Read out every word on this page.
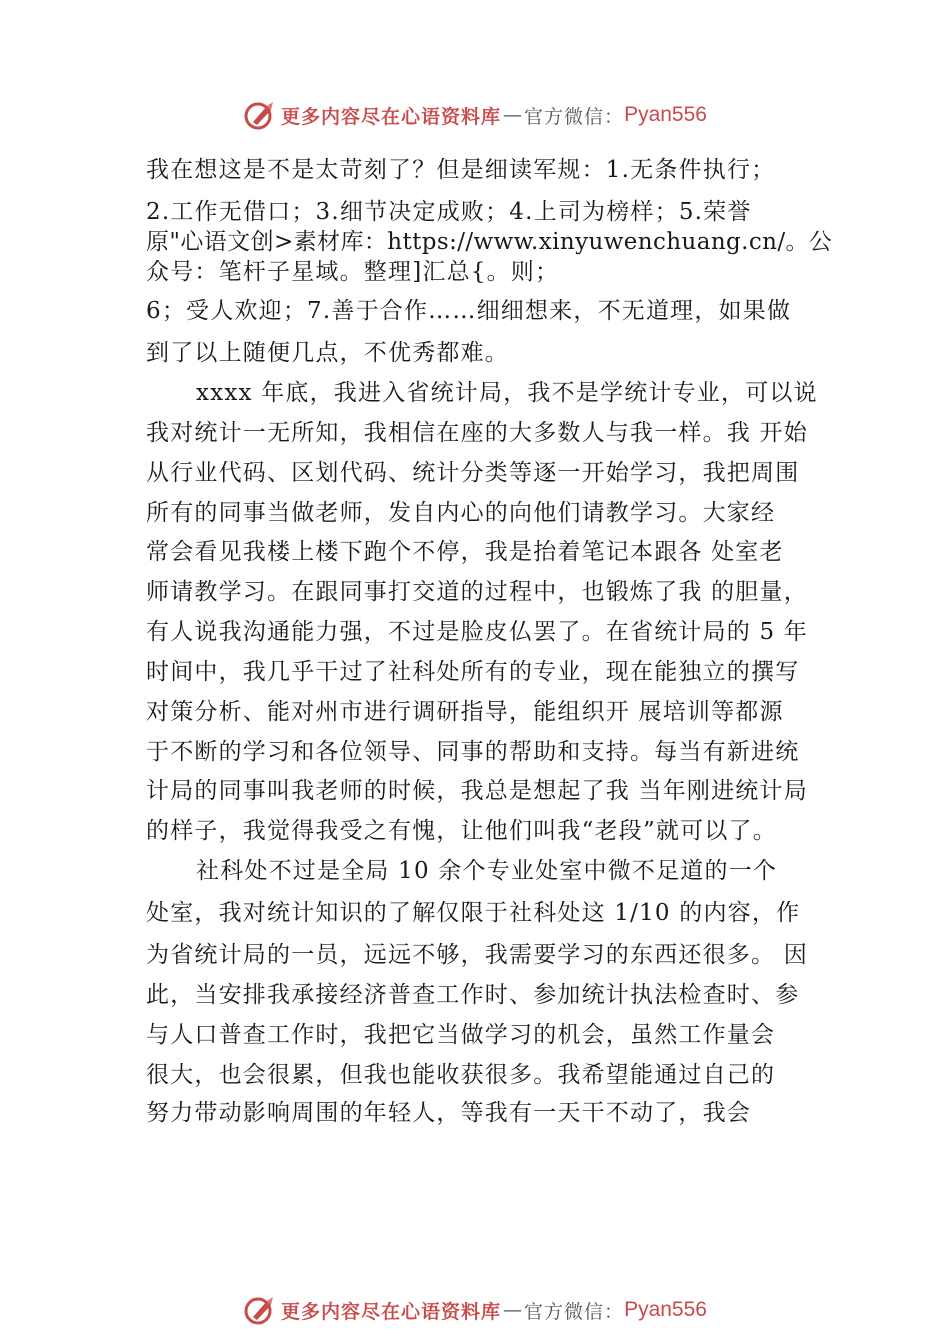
更多内容尽在心语资料库 — 官方微信： Pyan556
我在想这是不是太苛刻了？但是细读军规：1.无条件执行；
2.工作无借口；3.细节决定成败；4.上司为榜样；5.荣誉
原"心语文创>素材库：https://www.xinyuwenchuang.cn/。公
众号：笔杆子星域。整理]汇总{。则；
6；受人欢迎；7.善于合作……细细想来，不无道理，如果做
到了以上随便几点，不优秀都难。
xxxx 年底，我进入省统计局，我不是学统计专业，可以说
我对统计一无所知，我相信在座的大多数人与我一样。我 开始
从行业代码、区划代码、统计分类等逐一开始学习，我把周围
所有的同事当做老师，发自内心的向他们请教学习。大家经
常会看见我楼上楼下跑个不停，我是抬着笔记本跟各 处室老
师请教学习。在跟同事打交道的过程中，也锻炼了我 的胆量，
有人说我沟通能力强，不过是脸皮仏罢了。在省统计局的 5 年
时间中，我几乎干过了社科处所有的专业，现在能独立的撰写
对策分析、能对州市进行调研指导，能组织开 展培训等都源
于不断的学习和各位领导、同事的帮助和支持。每当有新进统
计局的同事叫我老师的时候，我总是想起了我 当年刚进统计局
的样子，我觉得我受之有愧，让他们叫我“老段”就可以了。
社科处不过是全局 10 余个专业处室中微不足道的一个
处室，我对统计知识的了解仅限于社科处这 1/10 的内容，作
为省统计局的一员，远远不够，我需要学习的东西还很多。 因
此，当安排我承接经济普查工作时、参加统计执法检查时、参
与人口普查工作时，我把它当做学习的机会，虽然工作量会
很大，也会很累，但我也能收获很多。我希望能通过自己的
努力带动影响周围的年轻人，等我有一天干不动了，我会
更多内容尽在心语资料库 — 官方微信： Pyan556
